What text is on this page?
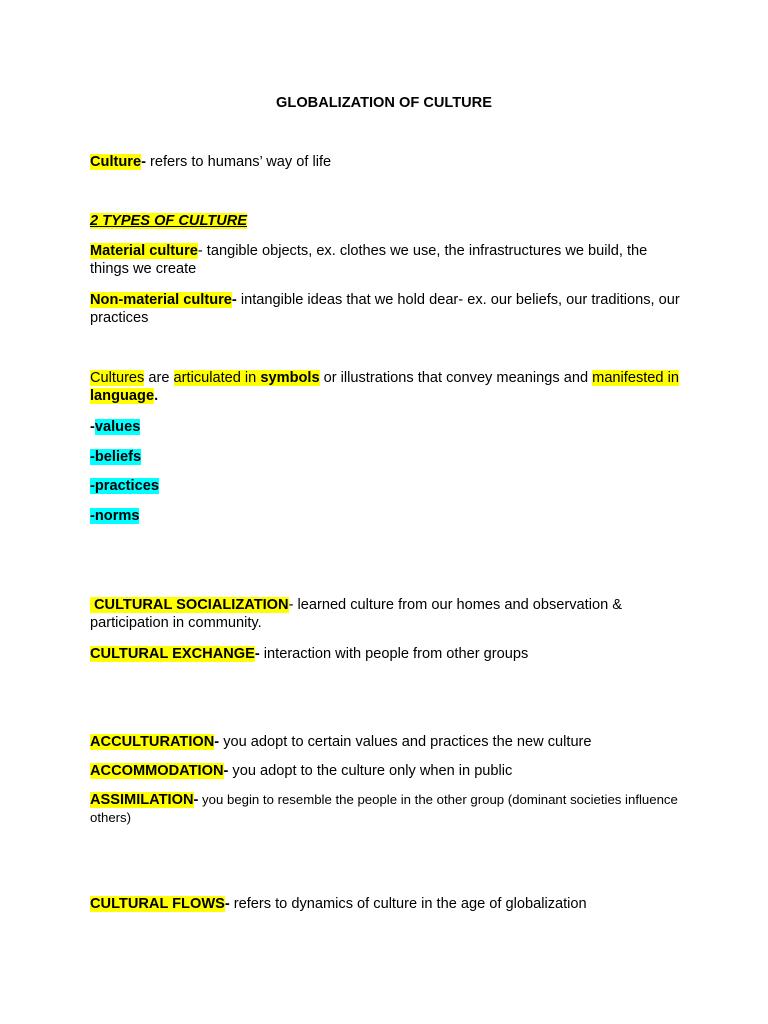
GLOBALIZATION OF CULTURE
Culture- refers to humans’ way of life
2 TYPES OF CULTURE
Material culture- tangible objects, ex. clothes we use, the infrastructures we build, the things we create
Non-material culture- intangible ideas that we hold dear- ex. our beliefs, our traditions, our practices
Cultures are articulated in symbols or illustrations that convey meanings and manifested in language.
-values
-beliefs
-practices
-norms
CULTURAL SOCIALIZATION- learned culture from our homes and observation & participation in community.
CULTURAL EXCHANGE- interaction with people from other groups
ACCULTURATION- you adopt to certain values and practices the new culture
ACCOMMODATION- you adopt to the culture only when in public
ASSIMILATION- you begin to resemble the people in the other group (dominant societies influence others)
CULTURAL FLOWS- refers to dynamics of culture in the age of globalization
